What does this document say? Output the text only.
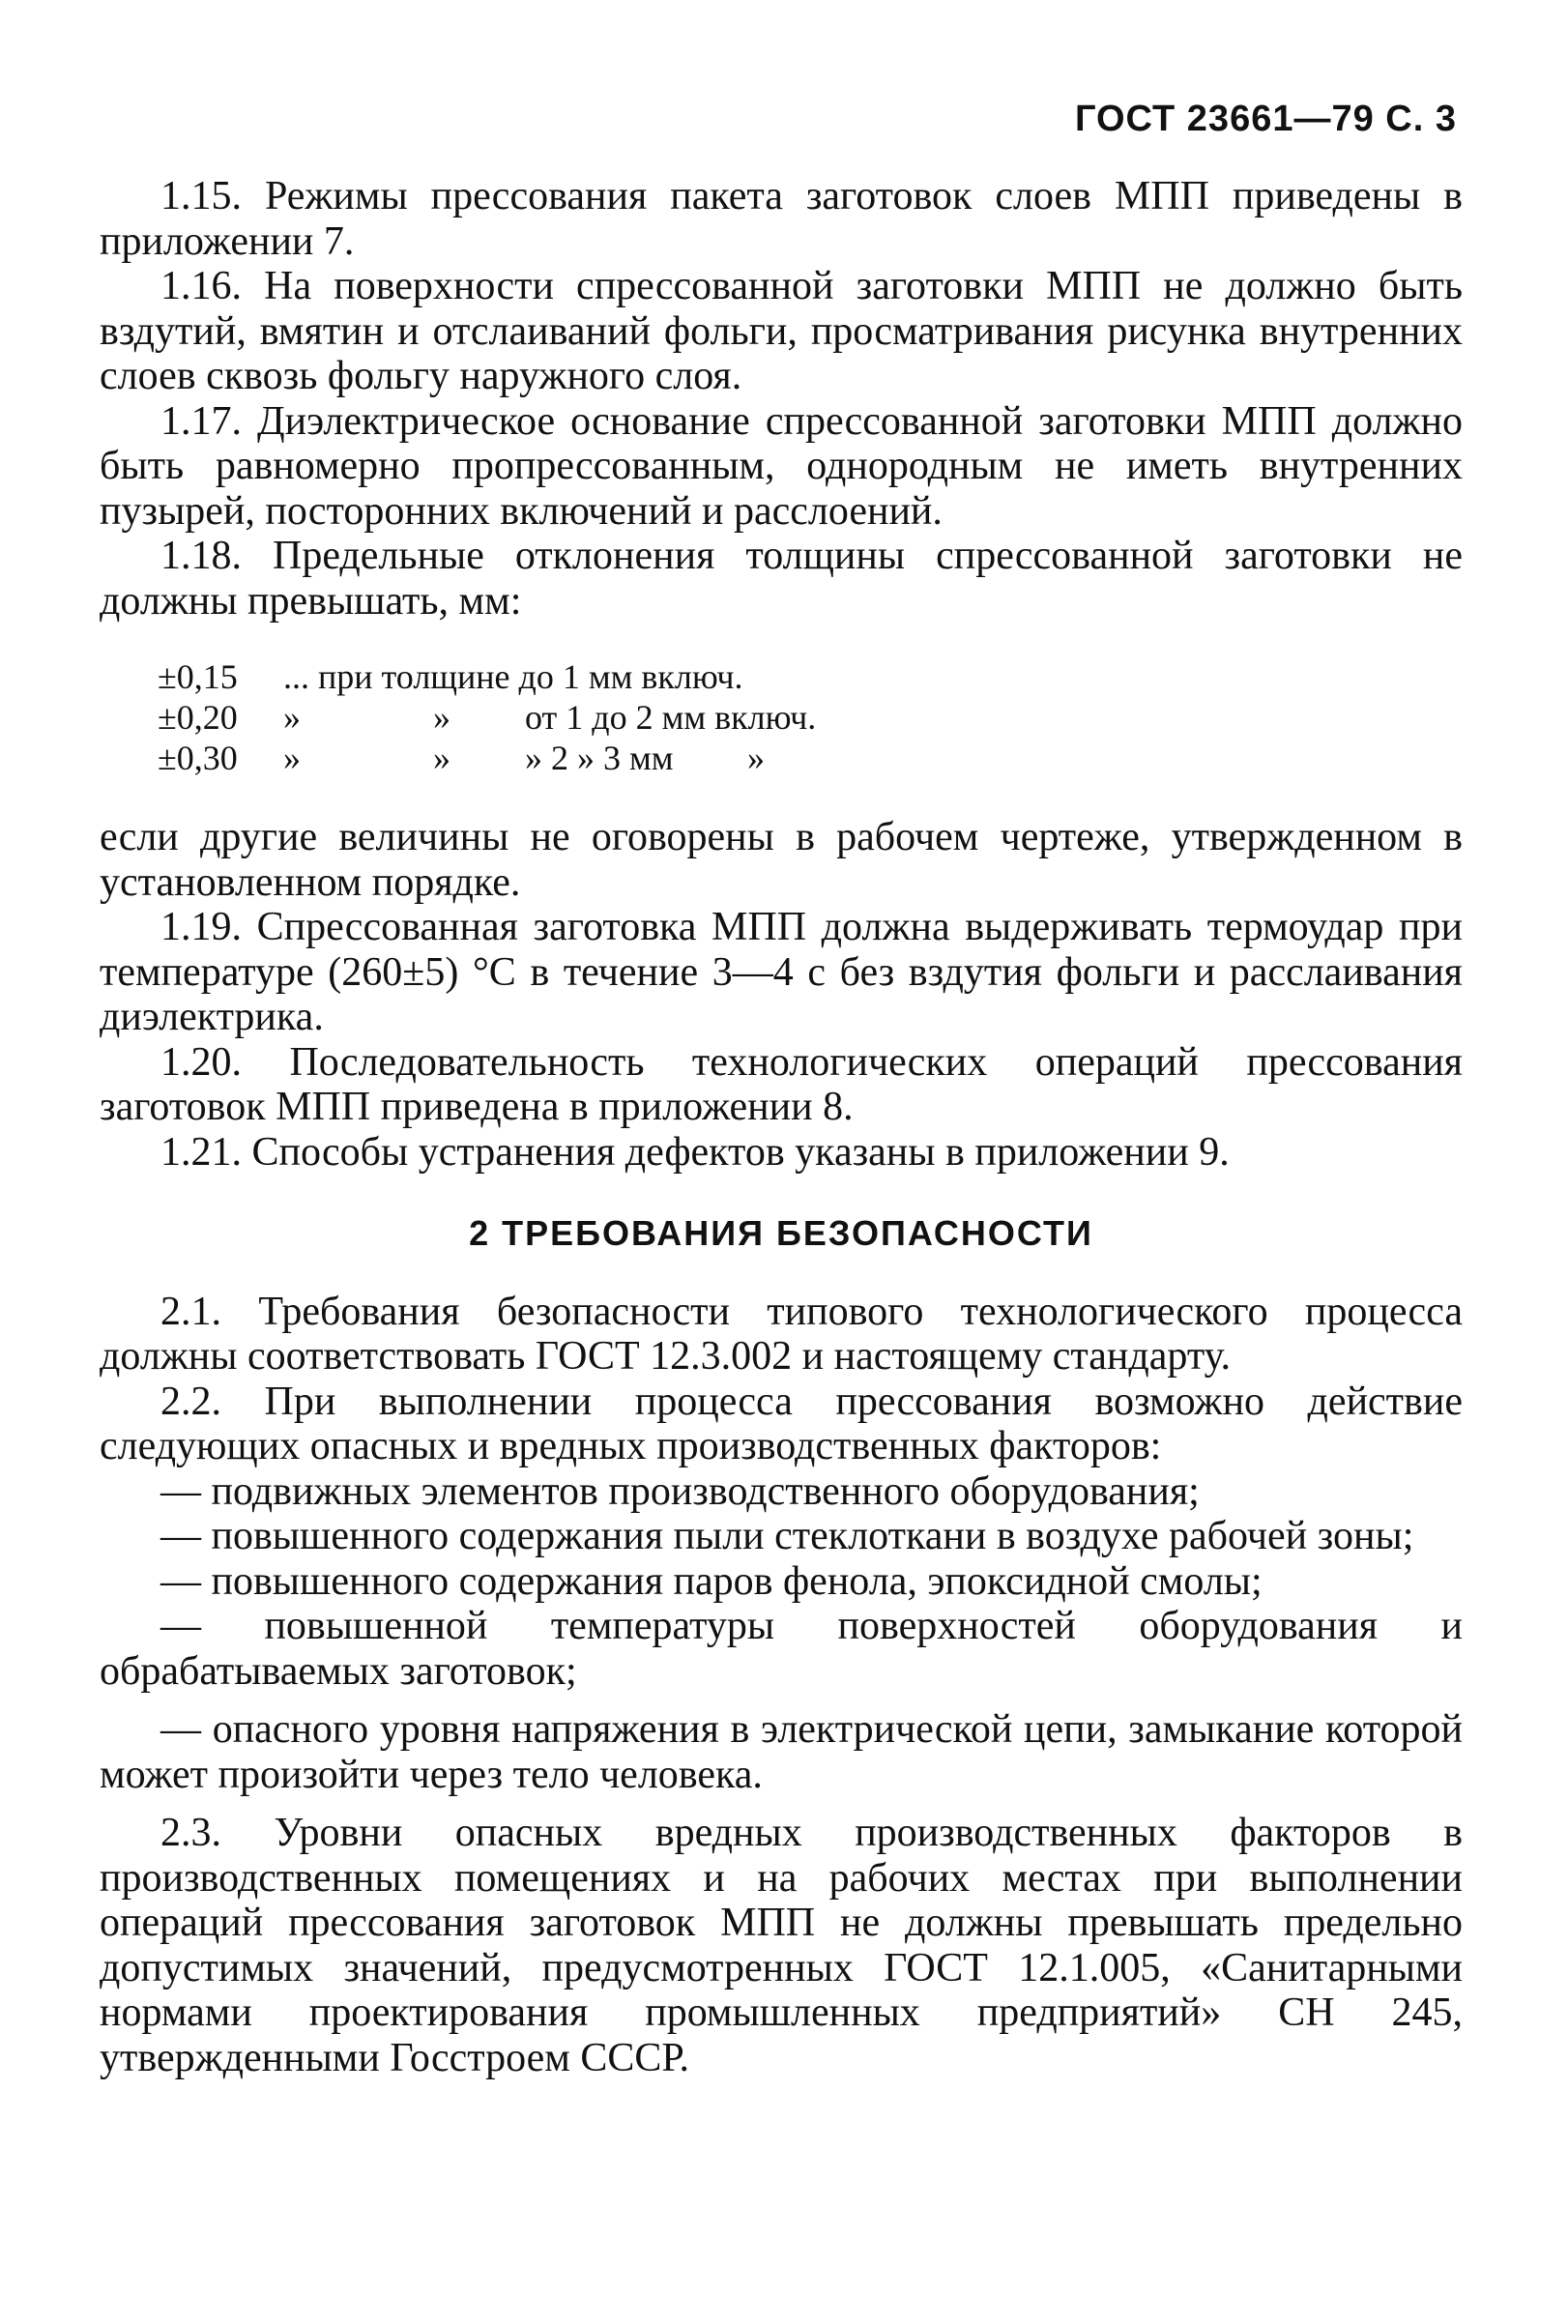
ГОСТ 23661—79 С. 3

1.15. Режимы прессования пакета заготовок слоев МПП приведены в приложении 7.

1.16. На поверхности спрессованной заготовки МПП не должно быть вздутий, вмятин и отслаиваний фольги, просматривания рисунка внутренних слоев сквозь фольгу наружного слоя.

1.17. Диэлектрическое основание спрессованной заготовки МПП должно быть равномерно пропрессованным, однородным не иметь внутренних пузырей, посторонних включений и расслоений.

1.18. Предельные отклонения толщины спрессованной заготовки не должны превышать, мм:

±0,15	... при толщине до 1 мм включ.
±0,20	»	»	от 1 до 2 мм включ.
±0,30	»	»	» 2 » 3 мм	»

если другие величины не оговорены в рабочем чертеже, утвержденном в установленном порядке.

1.19. Спрессованная заготовка МПП должна выдерживать термоудар при температуре (260±5) °С в течение 3—4 с без вздутия фольги и расслаивания диэлектрика.

1.20. Последовательность технологических операций прессования заготовок МПП приведена в приложении 8.

1.21. Способы устранения дефектов указаны в приложении 9.

2 ТРЕБОВАНИЯ БЕЗОПАСНОСТИ

2.1. Требования безопасности типового технологического процесса должны соответствовать ГОСТ 12.3.002 и настоящему стандарту.

2.2. При выполнении процесса прессования возможно действие следующих опасных и вредных производственных факторов:

— подвижных элементов производственного оборудования;

— повышенного содержания пыли стеклоткани в воздухе рабочей зоны;

— повышенного содержания паров фенола, эпоксидной смолы;

— повышенной температуры поверхностей оборудования и обрабатываемых заготовок;

— опасного уровня напряжения в электрической цепи, замыкание которой может произойти через тело человека.

2.3. Уровни опасных вредных производственных факторов в производственных помещениях и на рабочих местах при выполнении операций прессования заготовок МПП не должны превышать предельно допустимых значений, предусмотренных ГОСТ 12.1.005, «Санитарными нормами проектирования промышленных предприятий» СН 245, утвержденными Госстроем СССР.
